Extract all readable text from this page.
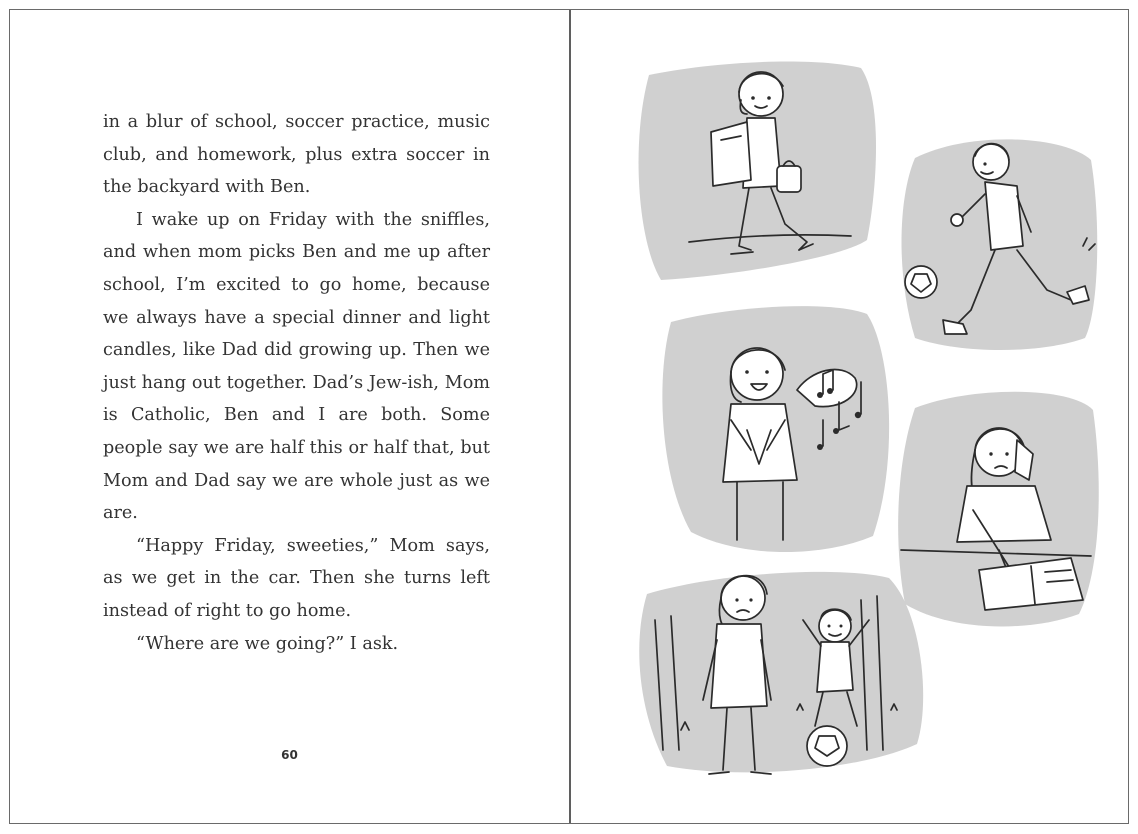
in a blur of school, soccer practice, music club, and homework, plus extra soccer in the backyard with Ben.

I wake up on Friday with the sniffles, and when mom picks Ben and me up after school, I’m excited to go home, because we always have a special dinner and light candles, like Dad did growing up. Then we just hang out together. Dad’s Jew-ish, Mom is Catholic, Ben and I are both. Some people say we are half this or half that, but Mom and Dad say we are whole just as we are.

“Happy Friday, sweeties,” Mom says, as we get in the car. Then she turns left instead of right to go home.

“Where are we going?” I ask.

60
